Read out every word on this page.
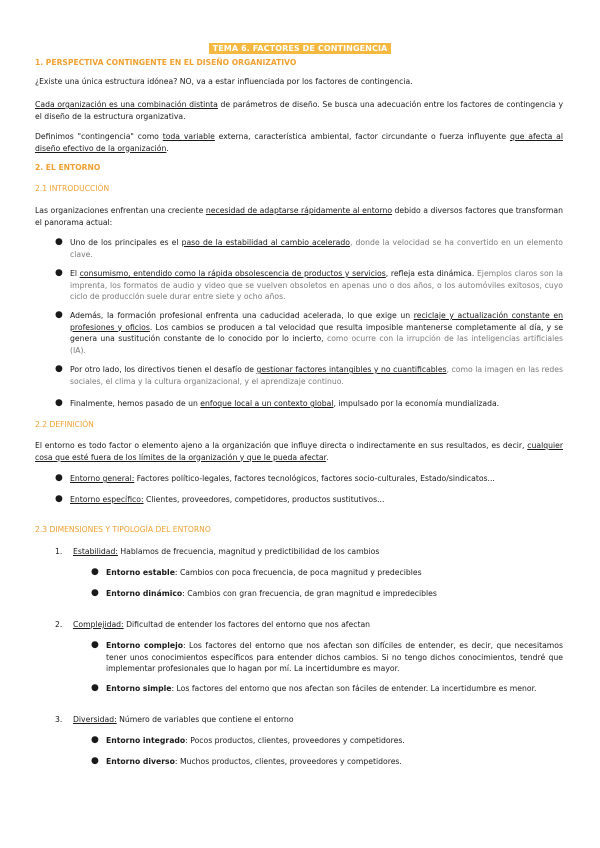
TEMA 6. FACTORES DE CONTINGENCIA
1. PERSPECTIVA CONTINGENTE EN EL DISEÑO ORGANIZATIVO

¿Existe una única estructura idónea? NO, va a estar influenciada por los factores de contingencia.

Cada organización es una combinación distinta de parámetros de diseño. Se busca una adecuación entre los factores de contingencia y el diseño de la estructura organizativa.

Definimos "contingencia" como toda variable externa, característica ambiental, factor circundante o fuerza influyente que afecta al diseño efectivo de la organización.

2. EL ENTORNO
2.1 INTRODUCCIÓN

Las organizaciones enfrentan una creciente necesidad de adaptarse rápidamente al entorno debido a diversos factores que transforman el panorama actual:

● Uno de los principales es el paso de la estabilidad al cambio acelerado, donde la velocidad se ha convertido en un elemento clave.
● El consumismo, entendido como la rápida obsolescencia de productos y servicios, refleja esta dinámica. Ejemplos claros son la imprenta, los formatos de audio y video que se vuelven obsoletos en apenas uno o dos años, o los automóviles exitosos, cuyo ciclo de producción suele durar entre siete y ocho años.
● Además, la formación profesional enfrenta una caducidad acelerada, lo que exige un reciclaje y actualización constante en profesiones y oficios. Los cambios se producen a tal velocidad que resulta imposible mantenerse completamente al día, y se genera una sustitución constante de lo conocido por lo incierto, como ocurre con la irrupción de las inteligencias artificiales (IA).
● Por otro lado, los directivos tienen el desafío de gestionar factores intangibles y no cuantificables, como la imagen en las redes sociales, el clima y la cultura organizacional, y el aprendizaje continuo.
● Finalmente, hemos pasado de un enfoque local a un contexto global, impulsado por la economía mundializada.
2.2 DEFINICIÓN

El entorno es todo factor o elemento ajeno a la organización que influye directa o indirectamente en sus resultados, es decir, cualquier cosa que esté fuera de los límites de la organización y que le pueda afectar.

● Entorno general: Factores político-legales, factores tecnológicos, factores socio-culturales, Estado/sindicatos...
● Entorno específico: Clientes, proveedores, competidores, productos sustitutivos...
2.3 DIMENSIONES Y TIPOLOGÍA DEL ENTORNO
1.	Estabilidad: Hablamos de frecuencia, magnitud y predictibilidad de los cambios
● Entorno estable: Cambios con poca frecuencia, de poca magnitud y predecibles
● Entorno dinámico: Cambios con gran frecuencia, de gran magnitud e impredecibles
2.	Complejidad: Dificultad de entender los factores del entorno que nos afectan
● Entorno complejo: Los factores del entorno que nos afectan son difíciles de entender, es decir, que necesitamos tener unos conocimientos específicos para entender dichos cambios. Si no tengo dichos conocimientos, tendré que implementar profesionales que lo hagan por mí. La incertidumbre es mayor.
● Entorno simple: Los factores del entorno que nos afectan son fáciles de entender. La incertidumbre es menor.
3.	Diversidad: Número de variables que contiene el entorno
● Entorno integrado: Pocos productos, clientes, proveedores y competidores.
● Entorno diverso: Muchos productos, clientes, proveedores y competidores.
